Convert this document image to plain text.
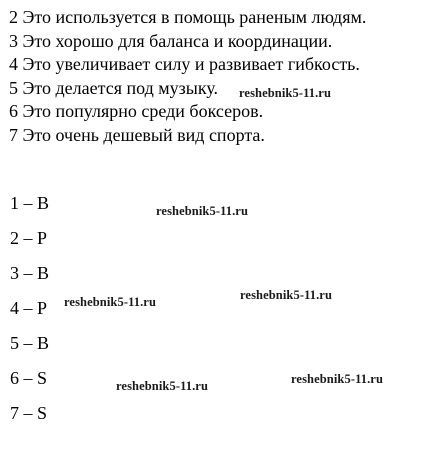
2 Это используется в помощь раненым людям.
3 Это хорошо для баланса и координации.
4 Это увеличивает силу и развивает гибкость.
5 Это делается под музыку.
6 Это популярно среди боксеров.
7 Это очень дешевый вид спорта.
1 – B
2 – P
3 – B
4 – P
5 – B
6 – S
7 – S
reshebnik5-11.ru
reshebnik5-11.ru
reshebnik5-11.ru
reshebnik5-11.ru
reshebnik5-11.ru
reshebnik5-11.ru
